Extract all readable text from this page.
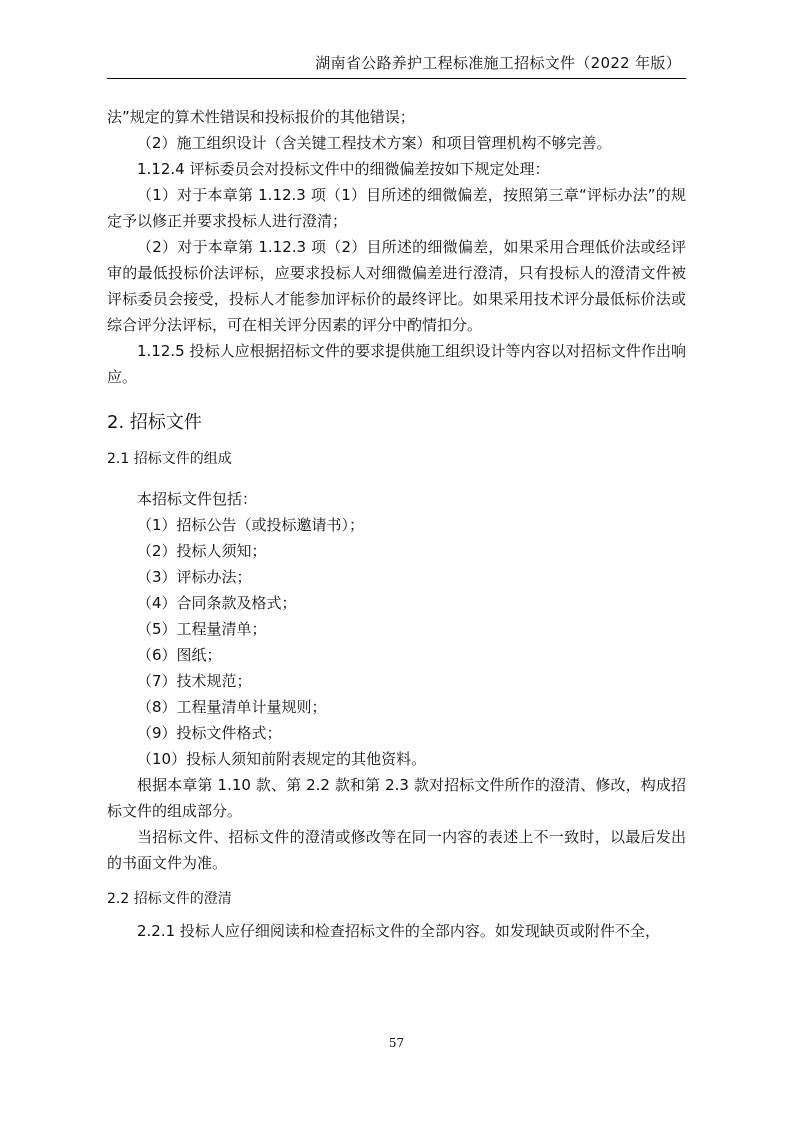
湖南省公路养护工程标准施工招标文件（2022 年版）

法”规定的算术性错误和投标报价的其他错误；

（2）施工组织设计（含关键工程技术方案）和项目管理机构不够完善。

1.12.4 评标委员会对投标文件中的细微偏差按如下规定处理：

（1）对于本章第 1.12.3 项（1）目所述的细微偏差，按照第三章“评标办法”的规定予以修正并要求投标人进行澄清；

（2）对于本章第 1.12.3 项（2）目所述的细微偏差，如果采用合理低价法或经评审的最低投标价法评标，应要求投标人对细微偏差进行澄清，只有投标人的澄清文件被评标委员会接受，投标人才能参加评标价的最终评比。如果采用技术评分最低标价法或综合评分法评标，可在相关评分因素的评分中酌情扣分。

1.12.5 投标人应根据招标文件的要求提供施工组织设计等内容以对招标文件作出响应。

2. 招标文件
2.1 招标文件的组成

本招标文件包括：

（1）招标公告（或投标邀请书）；

（2）投标人须知；

（3）评标办法；

（4）合同条款及格式；

（5）工程量清单；

（6）图纸；

（7）技术规范；

（8）工程量清单计量规则；

（9）投标文件格式；

（10）投标人须知前附表规定的其他资料。

根据本章第 1.10 款、第 2.2 款和第 2.3 款对招标文件所作的澄清、修改，构成招标文件的组成部分。

当招标文件、招标文件的澄清或修改等在同一内容的表述上不一致时，以最后发出的书面文件为准。

2.2 招标文件的澄清

2.2.1 投标人应仔细阅读和检查招标文件的全部内容。如发现缺页或附件不全，

57
